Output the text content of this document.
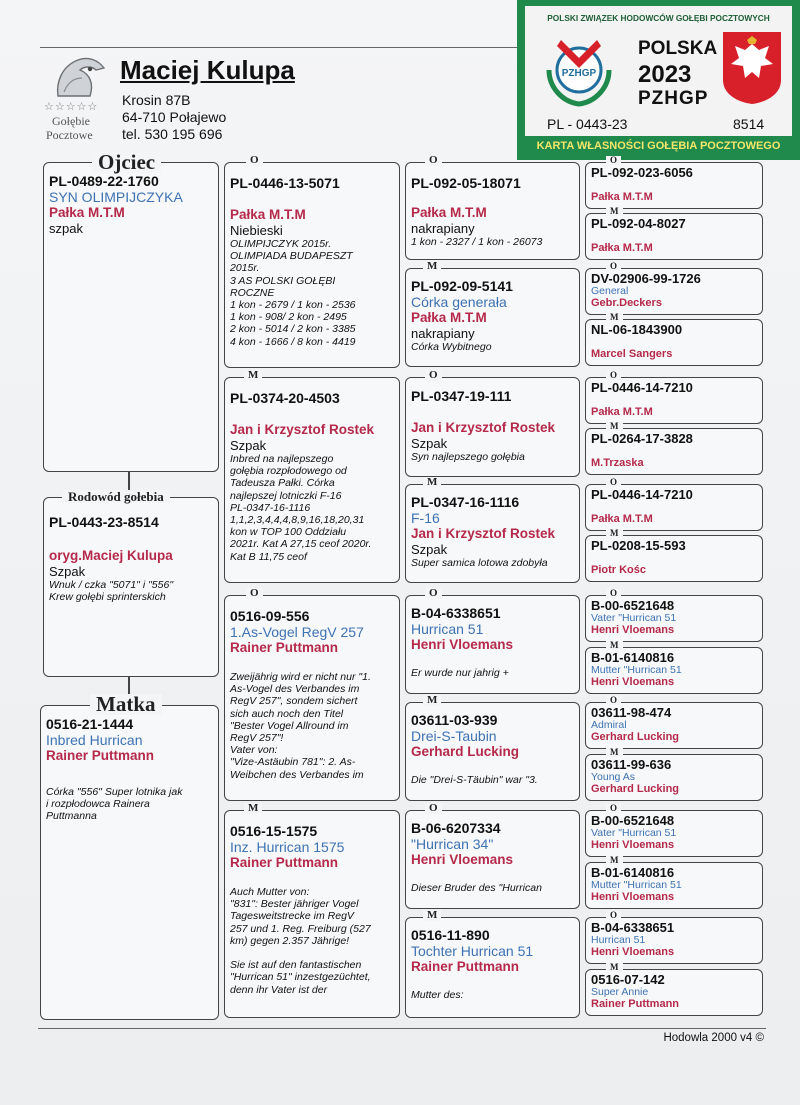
☆☆☆☆☆
Gołębie
Pocztowe
Maciej Kulupa
Krosin 87B
64-710 Połajewo
tel. 530 195 696
POLSKI ZWIĄZEK HODOWCÓW GOŁĘBI POCZTOWYCH
PZHGP
POLSKA
2023
PZHGP
PL - 0443-23	8514
KARTA WŁASNOŚCI GOŁĘBIA POCZTOWEGO
PL-0489-22-1760
SYN OLIMPIJCZYKA
Pałka M.T.M
szpak
Ojciec
PL-0443-23-8514
oryg.Maciej Kulupa
Szpak
Wnuk / czka "5071" i "556"
Krew gołębi sprinterskich
Rodowód gołebia
0516-21-1444
Inbred Hurrican
Rainer Puttmann
Córka "556" Super lotnika jak
i rozpłodowca Rainera
Puttmanna
Matka
PL-0446-13-5071
Pałka M.T.M
Niebieski
OLIMPIJCZYK 2015r.
OLIMPIADA BUDAPESZT
2015r.
3 AS POLSKI GOŁĘBI
ROCZNE
1 kon - 2679 / 1 kon - 2536
1 kon - 908/ 2 kon - 2495
2 kon - 5014 / 2 kon - 3385
4 kon - 1666 / 8 kon - 4419
O
PL-0374-20-4503
Jan i Krzysztof Rostek
Szpak
Inbred na najlepszego
gołębia rozpłodowego od
Tadeusza Pałki. Córka
najlepszej lotniczki F-16
PL-0347-16-1116
1,1,2,3,4,4,4,8,9,16,18,20,31
kon w TOP 100 Oddziału
2021r. Kat A 27,15 ceof 2020r.
Kat B 11,75 ceof
M
0516-09-556
1.As-Vogel RegV 257
Rainer Puttmann
Zweijährig wird er nicht nur "1.
As-Vogel des Verbandes im
RegV 257", sondem sichert
sich auch noch den Titel
"Bester Vogel Allround im
RegV 257"!
Vater von:
"Vize-Astäubin 781": 2. As-
Weibchen des Verbandes im
O
0516-15-1575
Inz. Hurrican 1575
Rainer Puttmann
Auch Mutter von:
"831": Bester jähriger Vogel
Tagesweitstrecke im RegV
257 und 1. Reg. Freiburg (527
km) gegen 2.357 Jährige!

Sie ist auf den fantastischen
"Hurrican 51" inzestgezüchtet,
denn ihr Vater ist der
M
PL-092-05-18071
Pałka M.T.M
nakrapiany
1 kon - 2327 / 1 kon - 26073
O
PL-092-09-5141
Córka generała
Pałka M.T.M
nakrapiany
Córka Wybitnego
M
PL-0347-19-111
Jan i Krzysztof Rostek
Szpak
Syn najlepszego gołębia
O
PL-0347-16-1116
F-16
Jan i Krzysztof Rostek
Szpak
Super samica lotowa zdobyła
M
B-04-6338651
Hurrican 51
Henri Vloemans
Er wurde nur jahrig +
O
03611-03-939
Drei-S-Taubin
Gerhard Lucking
Die "Drei-S-Täubin" war "3.
M
B-06-6207334
"Hurrican 34"
Henri Vloemans
Dieser Bruder des "Hurrican
O
0516-11-890
Tochter Hurrican 51
Rainer Puttmann
Mutter des:
M
PL-092-023-6056
Pałka M.T.M
O
PL-092-04-8027
Pałka M.T.M
M
DV-02906-99-1726
General
Gebr.Deckers
O
NL-06-1843900
Marcel Sangers
M
PL-0446-14-7210
Pałka M.T.M
O
PL-0264-17-3828
M.Trzaska
M
PL-0446-14-7210
Pałka M.T.M
O
PL-0208-15-593
Piotr Kośc
M
B-00-6521648
Vater "Hurrican 51
Henri Vloemans
O
B-01-6140816
Mutter "Hurrican 51
Henri Vloemans
M
03611-98-474
Admiral
Gerhard Lucking
O
03611-99-636
Young As
Gerhard Lucking
M
B-00-6521648
Vater "Hurrican 51
Henri Vloemans
O
B-01-6140816
Mutter "Hurrican 51
Henri Vloemans
M
B-04-6338651
Hurrican 51
Henri Vloemans
O
0516-07-142
Super Annie
Rainer Puttmann
M
Hodowla 2000 v4 ©
